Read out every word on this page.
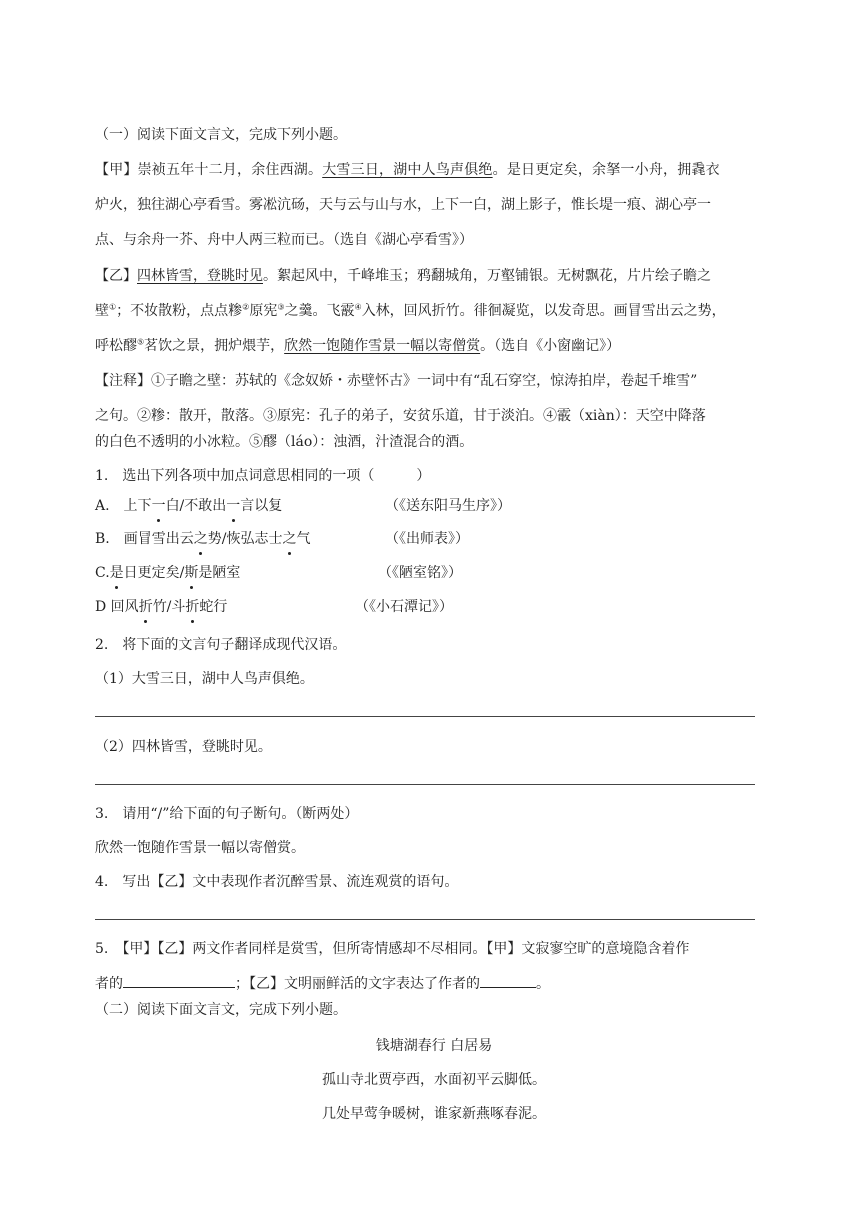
（一）阅读下面文言文，完成下列小题。
【甲】崇祯五年十二月，余住西湖。大雪三日，湖中人鸟声俱绝。是日更定矣，余拏一小舟，拥毳衣
炉火，独往湖心亭看雪。雾凇沆砀，天与云与山与水，上下一白，湖上影子，惟长堤一痕、湖心亭一
点、与余舟一芥、舟中人两三粒而已。（选自《湖心亭看雪》）
【乙】四林皆雪，登眺时见。絮起风中，千峰堆玉；鸦翻城角，万壑铺银。无树飘花，片片绘子瞻之
壁①；不妆散粉，点点糁②原宪③之羹。飞霰④入林，回风折竹。徘徊凝览，以发奇思。画冒雪出云之势，
呼松醪⑤茗饮之景，拥炉煨芋，欣然一饱随作雪景一幅以寄僧赏。（选自《小窗幽记》）
【注释】①子瞻之壁：苏轼的《念奴娇・赤壁怀古》一词中有“乱石穿空，惊涛拍岸，卷起千堆雪”
之句。②糁：散开，散落。③原宪：孔子的弟子，安贫乐道，甘于淡泊。④霰（xiàn）：天空中降落
的白色不透明的小冰粒。⑤醪（láo）：浊酒，汁渣混合的酒。
1.　选出下列各项中加点词意思相同的一项（　　　）
A.　上下一白/不敢出一言以复	（《送东阳马生序》）
B.　画冒雪出云之势/恢弘志士之气	（《出师表》）
C.是日更定矣/斯是陋室	（《陋室铭》）
D 回风折竹/斗折蛇行	（《小石潭记》）
2.　将下面的文言句子翻译成现代汉语。
（1）大雪三日，湖中人鸟声俱绝。
（2）四林皆雪，登眺时见。
3.　请用“/”给下面的句子断句。（断两处）
欣然一饱随作雪景一幅以寄僧赏。
4.　写出【乙】文中表现作者沉醉雪景、流连观赏的语句。
5.　【甲】【乙】两文作者同样是赏雪，但所寄情感却不尽相同。【甲】文寂寥空旷的意境隐含着作
者的	；【乙】文明丽鲜活的文字表达了作者的	。
（二）阅读下面文言文，完成下列小题。
钱塘湖春行 白居易
孤山寺北贾亭西，水面初平云脚低。
几处早莺争暖树，谁家新燕啄春泥。
